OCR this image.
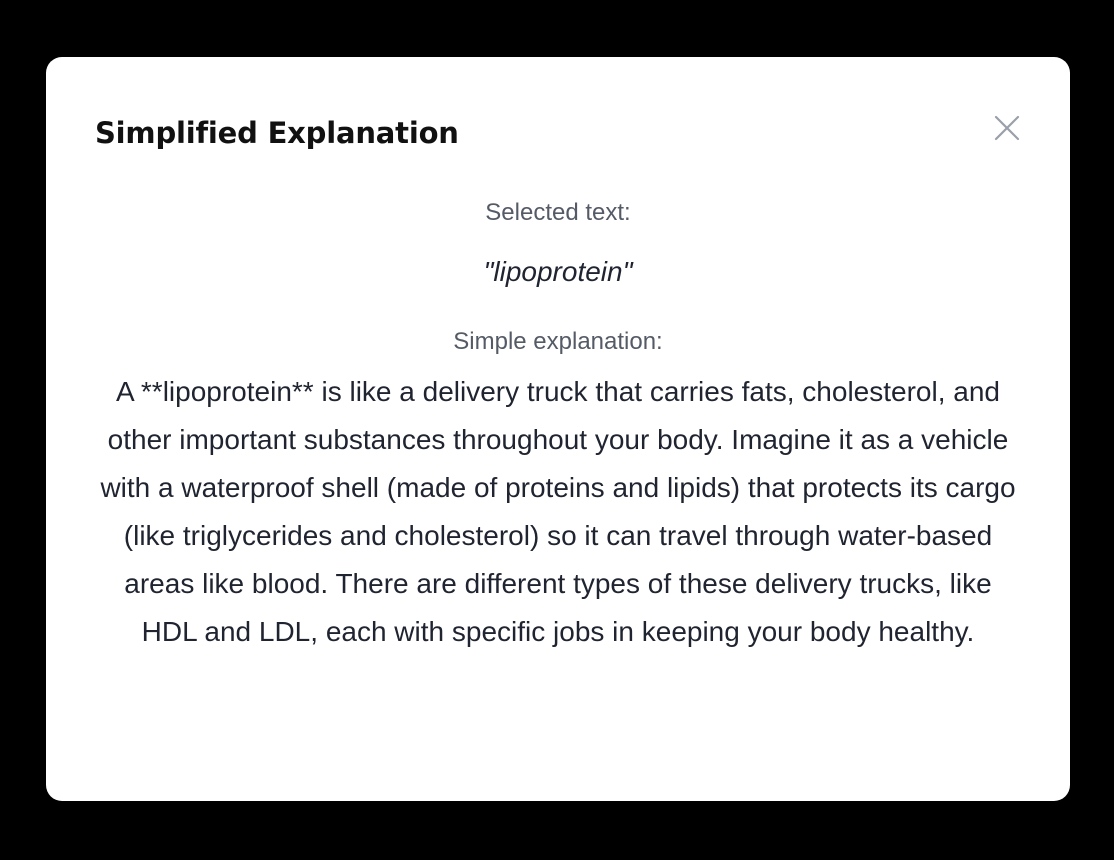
Simplified Explanation

Selected text:

"lipoprotein"

Simple explanation:

A **lipoprotein** is like a delivery truck that carries fats, cholesterol, and other important substances throughout your body. Imagine it as a vehicle with a waterproof shell (made of proteins and lipids) that protects its cargo (like triglycerides and cholesterol) so it can travel through water-based areas like blood. There are different types of these delivery trucks, like HDL and LDL, each with specific jobs in keeping your body healthy.
